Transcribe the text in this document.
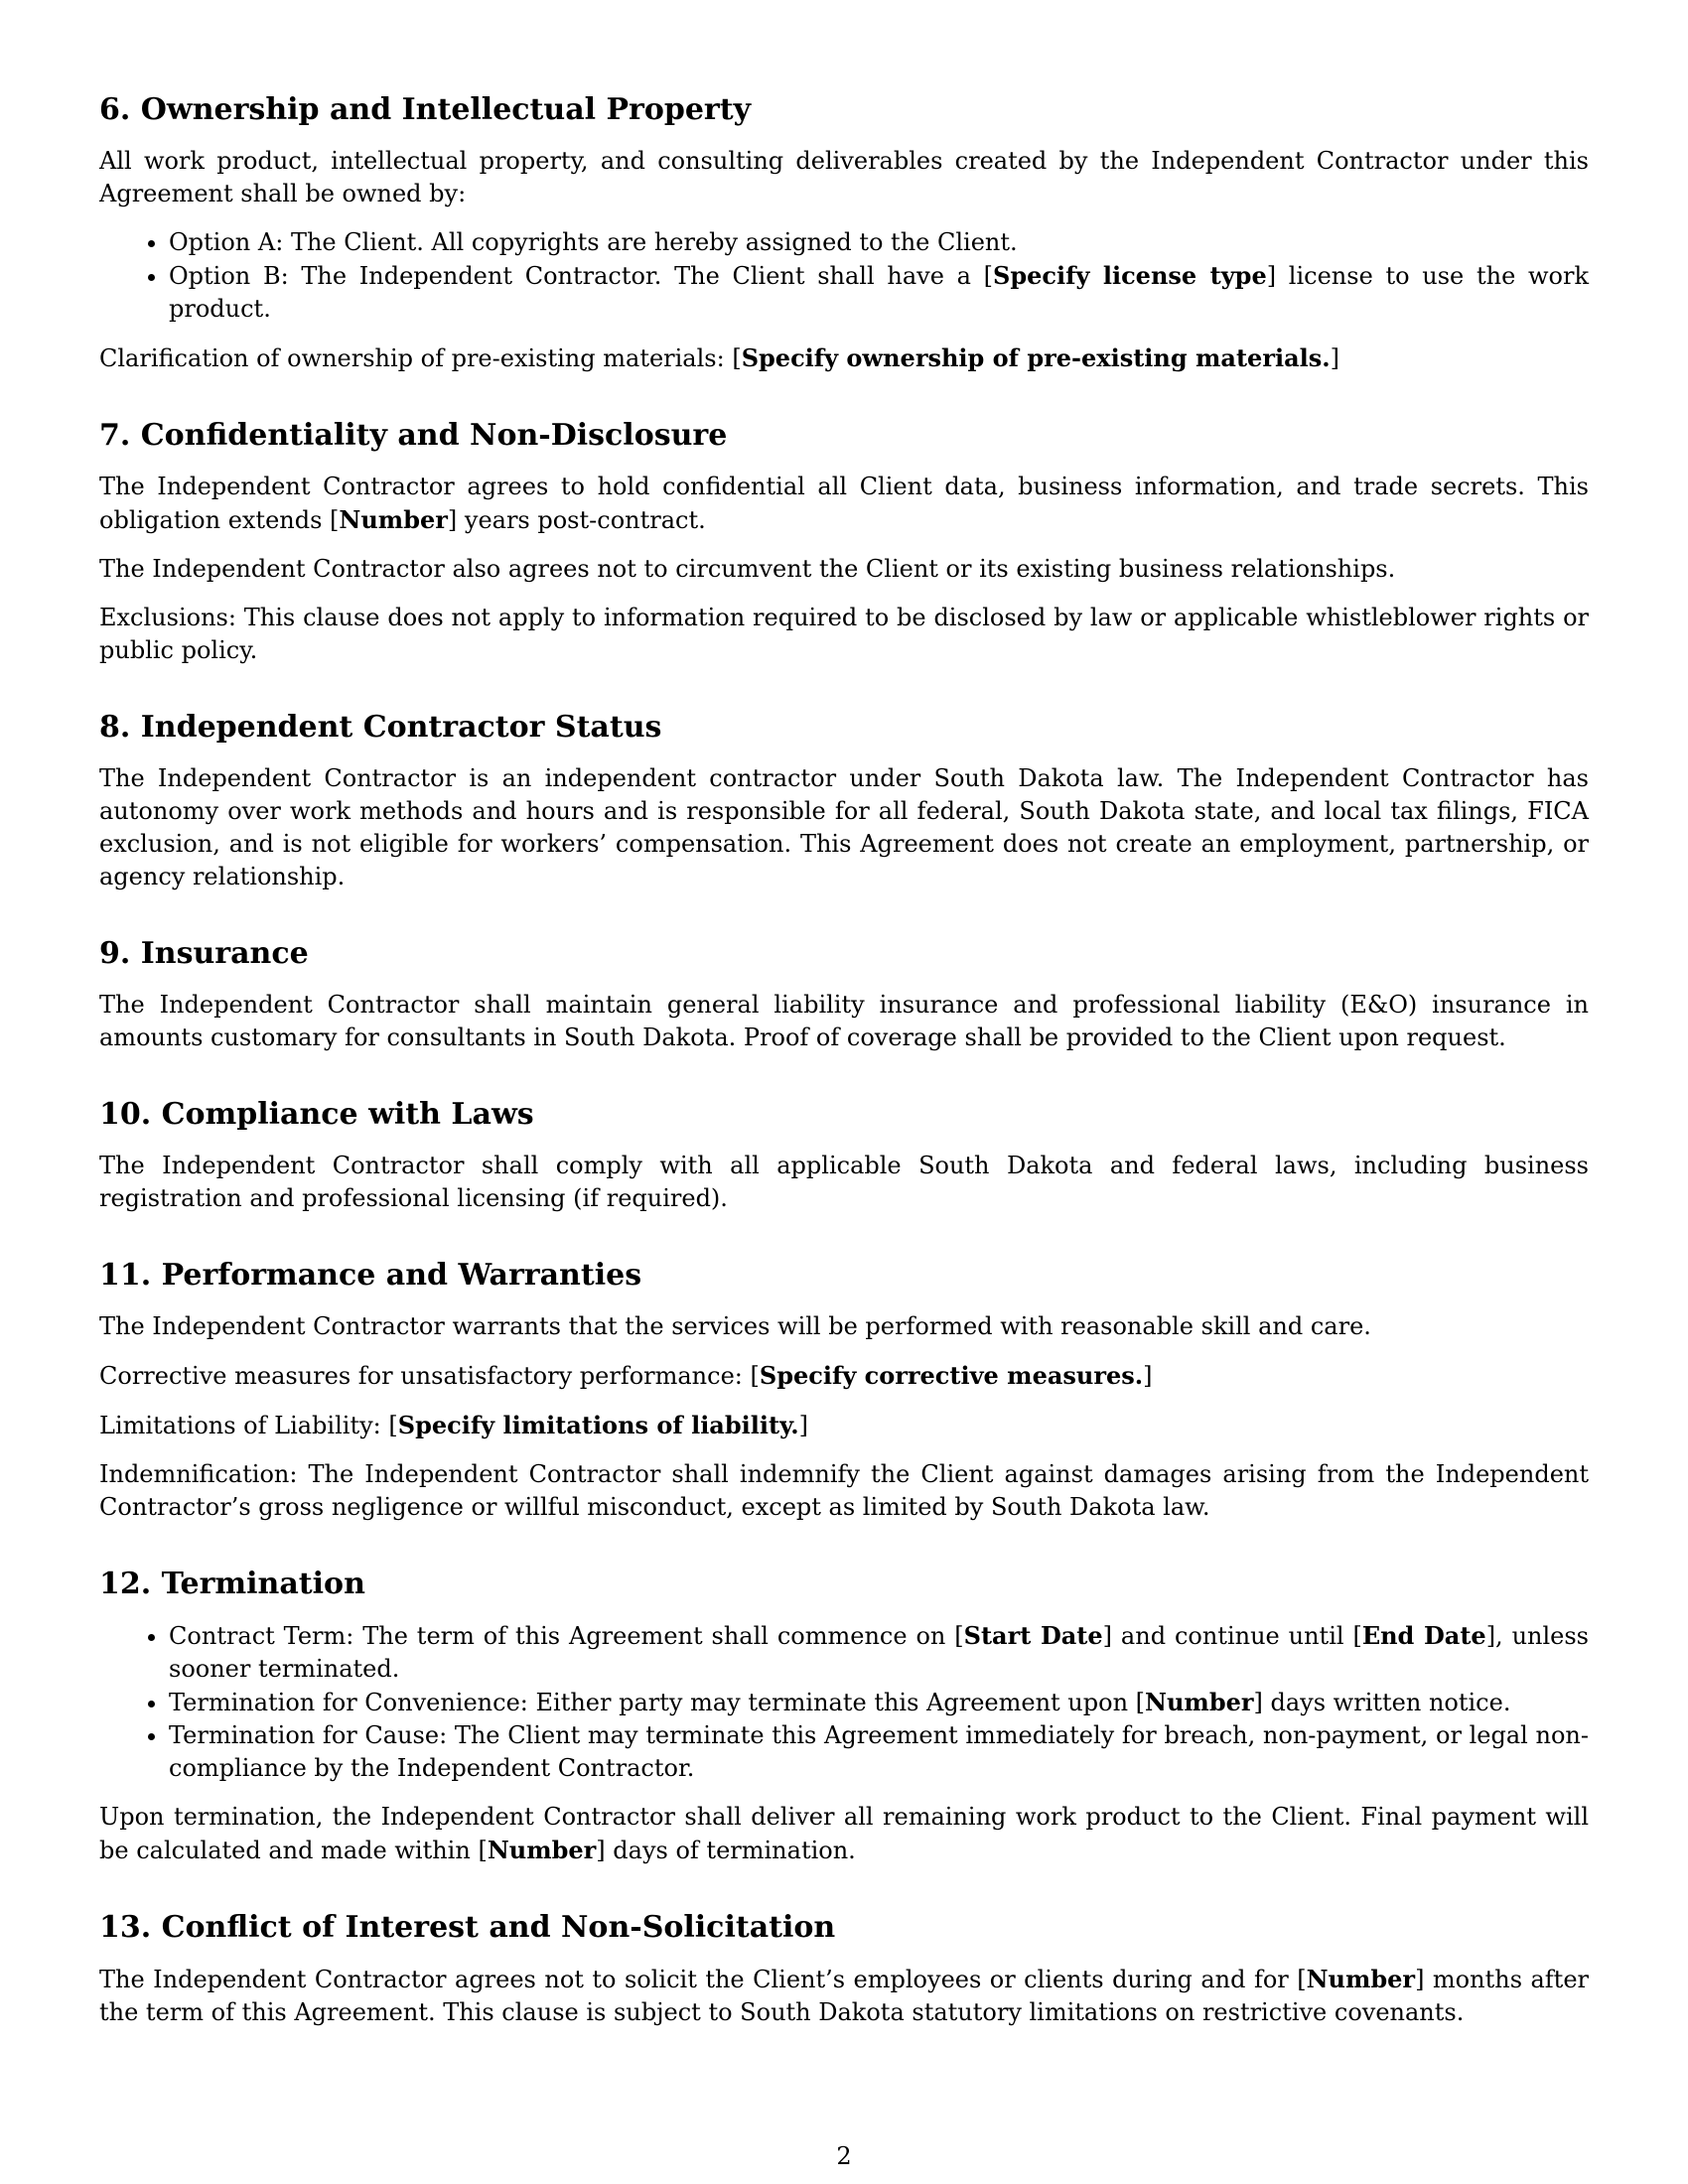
6. Ownership and Intellectual Property

All work product, intellectual property, and consulting deliverables created by the Independent Contractor under this Agreement shall be owned by:

• Option A: The Client. All copyrights are hereby assigned to the Client.
• Option B: The Independent Contractor. The Client shall have a [Specify license type] license to use the work product.

Clarification of ownership of pre-existing materials: [Specify ownership of pre-existing materials.]

7. Confidentiality and Non-Disclosure

The Independent Contractor agrees to hold confidential all Client data, business information, and trade secrets. This obligation extends [Number] years post-contract.

The Independent Contractor also agrees not to circumvent the Client or its existing business relationships.

Exclusions: This clause does not apply to information required to be disclosed by law or applicable whistleblower rights or public policy.

8. Independent Contractor Status

The Independent Contractor is an independent contractor under South Dakota law. The Independent Contractor has autonomy over work methods and hours and is responsible for all federal, South Dakota state, and local tax filings, FICA exclusion, and is not eligible for workers’ compensation. This Agreement does not create an employment, partnership, or agency relationship.

9. Insurance

The Independent Contractor shall maintain general liability insurance and professional liability (E&O) insurance in amounts customary for consultants in South Dakota. Proof of coverage shall be provided to the Client upon request.

10. Compliance with Laws

The Independent Contractor shall comply with all applicable South Dakota and federal laws, including business registration and professional licensing (if required).

11. Performance and Warranties

The Independent Contractor warrants that the services will be performed with reasonable skill and care.

Corrective measures for unsatisfactory performance: [Specify corrective measures.]

Limitations of Liability: [Specify limitations of liability.]

Indemnification: The Independent Contractor shall indemnify the Client against damages arising from the Independent Contractor’s gross negligence or willful misconduct, except as limited by South Dakota law.

12. Termination
• Contract Term: The term of this Agreement shall commence on [Start Date] and continue until [End Date], unless sooner terminated.
• Termination for Convenience: Either party may terminate this Agreement upon [Number] days written notice.
• Termination for Cause: The Client may terminate this Agreement immediately for breach, non-payment, or legal non-compliance by the Independent Contractor.

Upon termination, the Independent Contractor shall deliver all remaining work product to the Client. Final payment will be calculated and made within [Number] days of termination.

13. Conflict of Interest and Non-Solicitation

The Independent Contractor agrees not to solicit the Client’s employees or clients during and for [Number] months after the term of this Agreement. This clause is subject to South Dakota statutory limitations on restrictive covenants.

2
